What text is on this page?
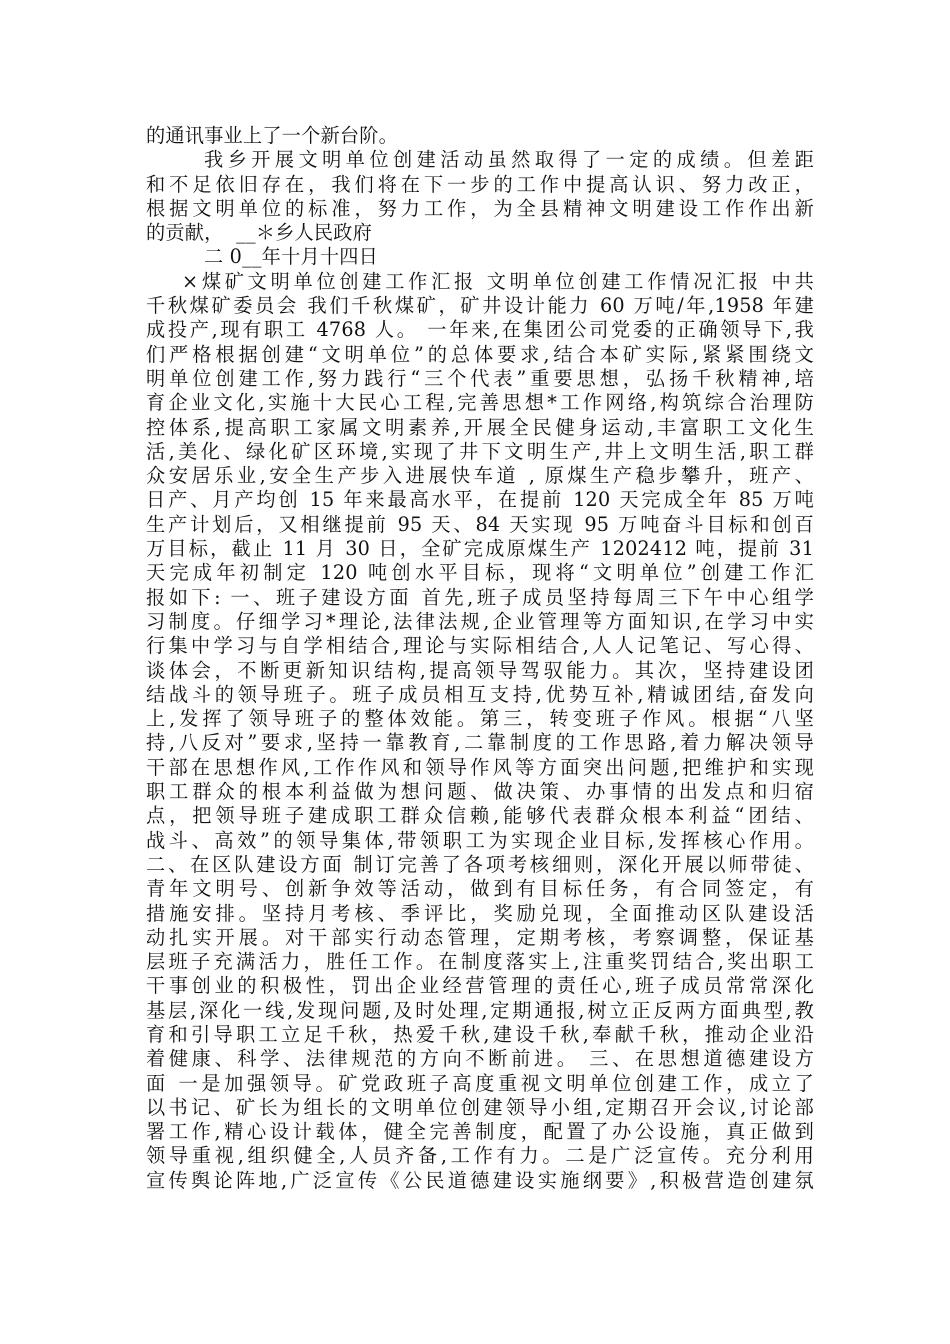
的通讯事业上了一个新台阶。
我乡开展文明单位创建活动虽然取得了一定的成绩。但差距
和不足依旧存在，我们将在下一步的工作中提高认识、努力改正，
根据文明单位的标准，努力工作，为全县精神文明建设工作作出新
的贡献，  __＊乡人民政府
二 0__年十月十四日
×煤矿文明单位创建工作汇报 文明单位创建工作情况汇报 中共
千秋煤矿委员会 我们千秋煤矿，矿井设计能力 60 万吨/年,1958 年建
成投产,现有职工 4768 人。 一年来,在集团公司党委的正确领导下,我
们严格根据创建“文明单位”的总体要求,结合本矿实际,紧紧围绕文
明单位创建工作,努力践行“三个代表”重要思想，弘扬千秋精神,培
育企业文化,实施十大民心工程,完善思想*工作网络,构筑综合治理防
控体系,提高职工家属文明素养,开展全民健身运动,丰富职工文化生
活,美化、绿化矿区环境,实现了井下文明生产,井上文明生活,职工群
众安居乐业,安全生产步入进展快车道 , 原煤生产稳步攀升，班产、
日产、月产均创 15 年来最高水平，在提前 120 天完成全年 85 万吨
生产计划后，又相继提前 95 天、84 天实现 95 万吨奋斗目标和创百
万目标，截止 11 月 30 日，全矿完成原煤生产 1202412 吨，提前 31
天完成年初制定 120 吨创水平目标，现将“文明单位”创建工作汇
报如下: 一、班子建设方面 首先,班子成员坚持每周三下午中心组学
习制度。仔细学习*理论,法律法规,企业管理等方面知识,在学习中实
行集中学习与自学相结合,理论与实际相结合,人人记笔记、写心得、
谈体会，不断更新知识结构,提高领导驾驭能力。其次，坚持建设团
结战斗的领导班子。班子成员相互支持,优势互补,精诚团结,奋发向
上,发挥了领导班子的整体效能。第三，转变班子作风。根据“八坚
持,八反对”要求,坚持一靠教育,二靠制度的工作思路,着力解决领导
干部在思想作风,工作作风和领导作风等方面突出问题,把维护和实现
职工群众的根本利益做为想问题、做决策、办事情的出发点和归宿
点，把领导班子建成职工群众信赖,能够代表群众根本利益“团结、
战斗、高效”的领导集体,带领职工为实现企业目标,发挥核心作用。
二、在区队建设方面 制订完善了各项考核细则，深化开展以师带徒、
青年文明号、创新争效等活动，做到有目标任务，有合同签定，有
措施安排。坚持月考核、季评比，奖励兑现，全面推动区队建设活
动扎实开展。对干部实行动态管理，定期考核，考察调整，保证基
层班子充满活力，胜任工作。在制度落实上,注重奖罚结合,奖出职工
干事创业的积极性，罚出企业经营管理的责任心,班子成员常常深化
基层,深化一线,发现问题,及时处理,定期通报,树立正反两方面典型,教
育和引导职工立足千秋，热爱千秋,建设千秋,奉献千秋，推动企业沿
着健康、科学、法律规范的方向不断前进。 三、在思想道德建设方
面 一是加强领导。矿党政班子高度重视文明单位创建工作，成立了
以书记、矿长为组长的文明单位创建领导小组,定期召开会议,讨论部
署工作,精心设计载体，健全完善制度，配置了办公设施，真正做到
领导重视,组织健全,人员齐备,工作有力。二是广泛宣传。充分利用
宣传舆论阵地,广泛宣传《公民道德建设实施纲要》,积极营造创建氛
